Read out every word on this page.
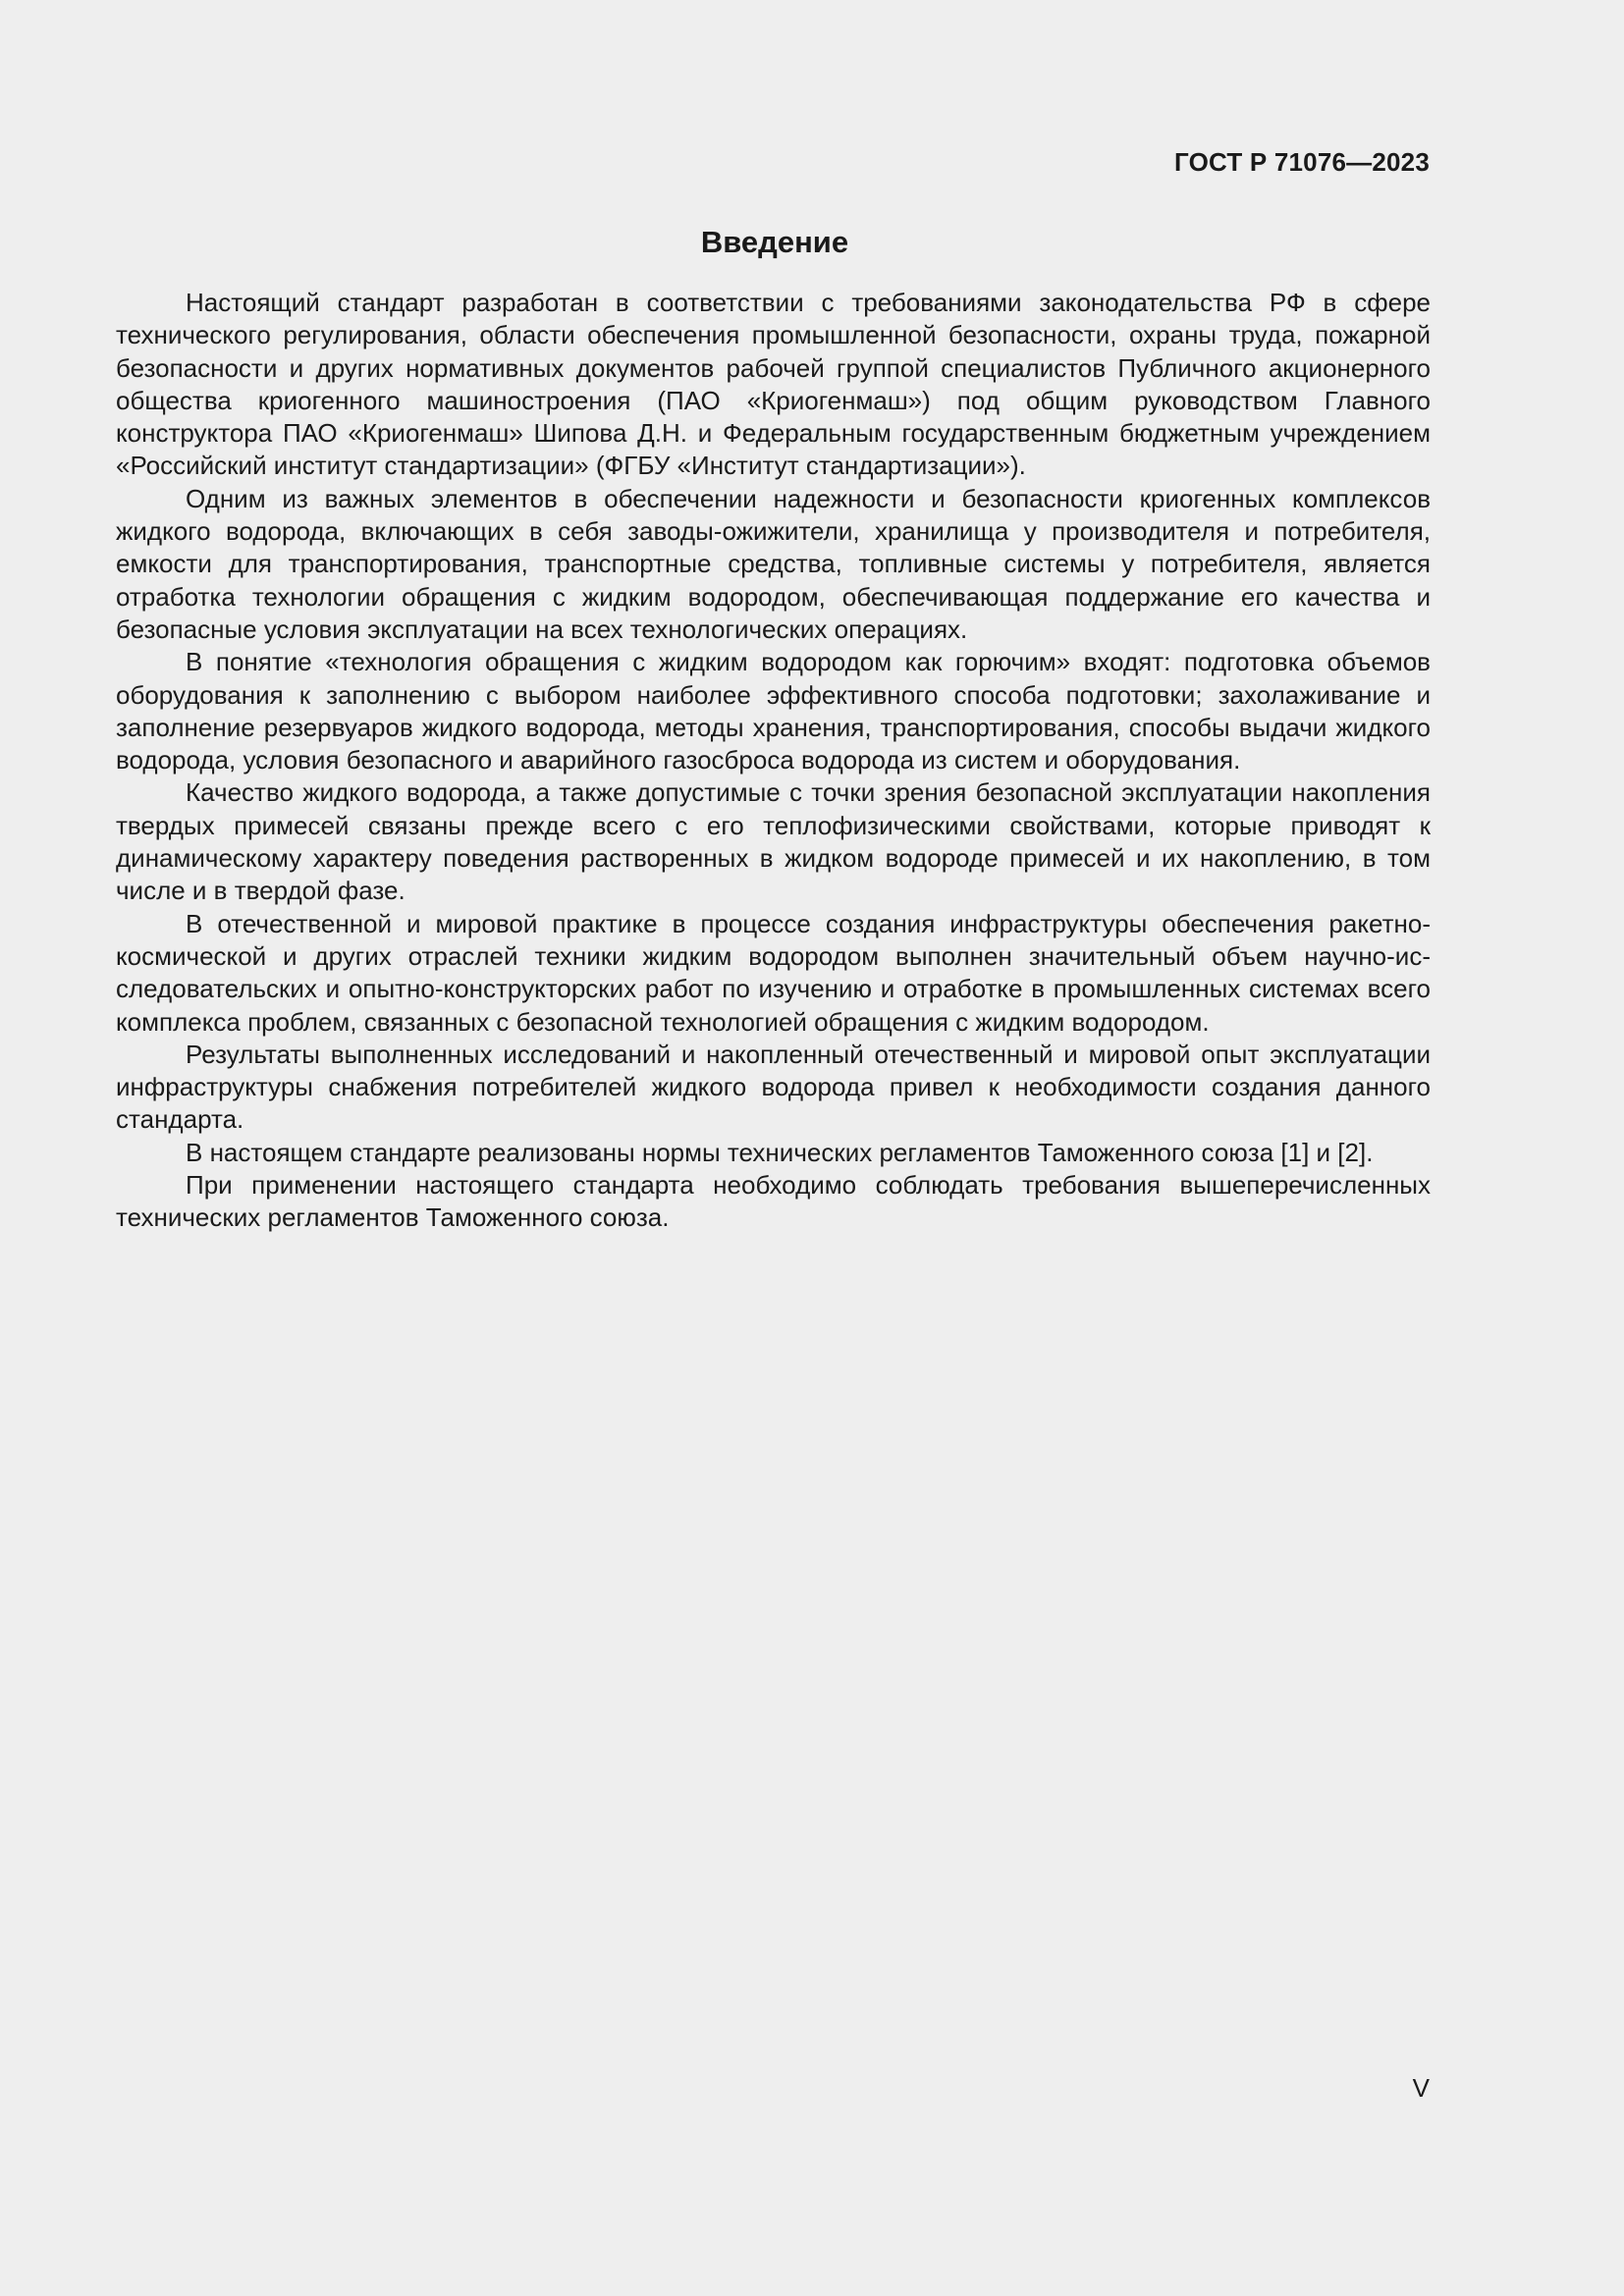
ГОСТ Р 71076—2023
Введение

Настоящий стандарт разработан в соответствии с требованиями законодательства РФ в сфере технического регулирования, области обеспечения промышленной безопасности, охраны труда, пожарной безопасности и других нормативных документов рабочей группой специалистов Публичного акционерного общества криогенного машиностроения (ПАО «Криогенмаш») под общим руководством Главного конструктора ПАО «Криогенмаш» Шипова Д.Н. и Федеральным государственным бюджетным учреждением «Российский институт стандартизации» (ФГБУ «Институт стандартизации»).

Одним из важных элементов в обеспечении надежности и безопасности криогенных комплексов жидкого водорода, включающих в себя заводы-ожижители, хранилища у производителя и потребителя, емкости для транспортирования, транспортные средства, топливные системы у потребителя, является отработка технологии обращения с жидким водородом, обеспечивающая поддержание его качества и безопасные условия эксплуатации на всех технологических операциях.

В понятие «технология обращения с жидким водородом как горючим» входят: подготовка объемов оборудования к заполнению с выбором наиболее эффективного способа подготовки; захолаживание и заполнение резервуаров жидкого водорода, методы хранения, транспортирования, способы выдачи жидкого водорода, условия безопасного и аварийного газосброса водорода из систем и оборудования.

Качество жидкого водорода, а также допустимые с точки зрения безопасной эксплуатации накопления твердых примесей связаны прежде всего с его теплофизическими свойствами, которые приводят к динамическому характеру поведения растворенных в жидком водороде примесей и их накоплению, в том числе и в твердой фазе.

В отечественной и мировой практике в процессе создания инфраструктуры обеспечения ракетно-космической и других отраслей техники жидким водородом выполнен значительный объем научно-исследовательских и опытно-конструкторских работ по изучению и отработке в промышленных системах всего комплекса проблем, связанных с безопасной технологией обращения с жидким водородом.

Результаты выполненных исследований и накопленный отечественный и мировой опыт эксплуатации инфраструктуры снабжения потребителей жидкого водорода привел к необходимости создания данного стандарта.

В настоящем стандарте реализованы нормы технических регламентов Таможенного союза [1] и [2].

При применении настоящего стандарта необходимо соблюдать требования вышеперечисленных технических регламентов Таможенного союза.

V
